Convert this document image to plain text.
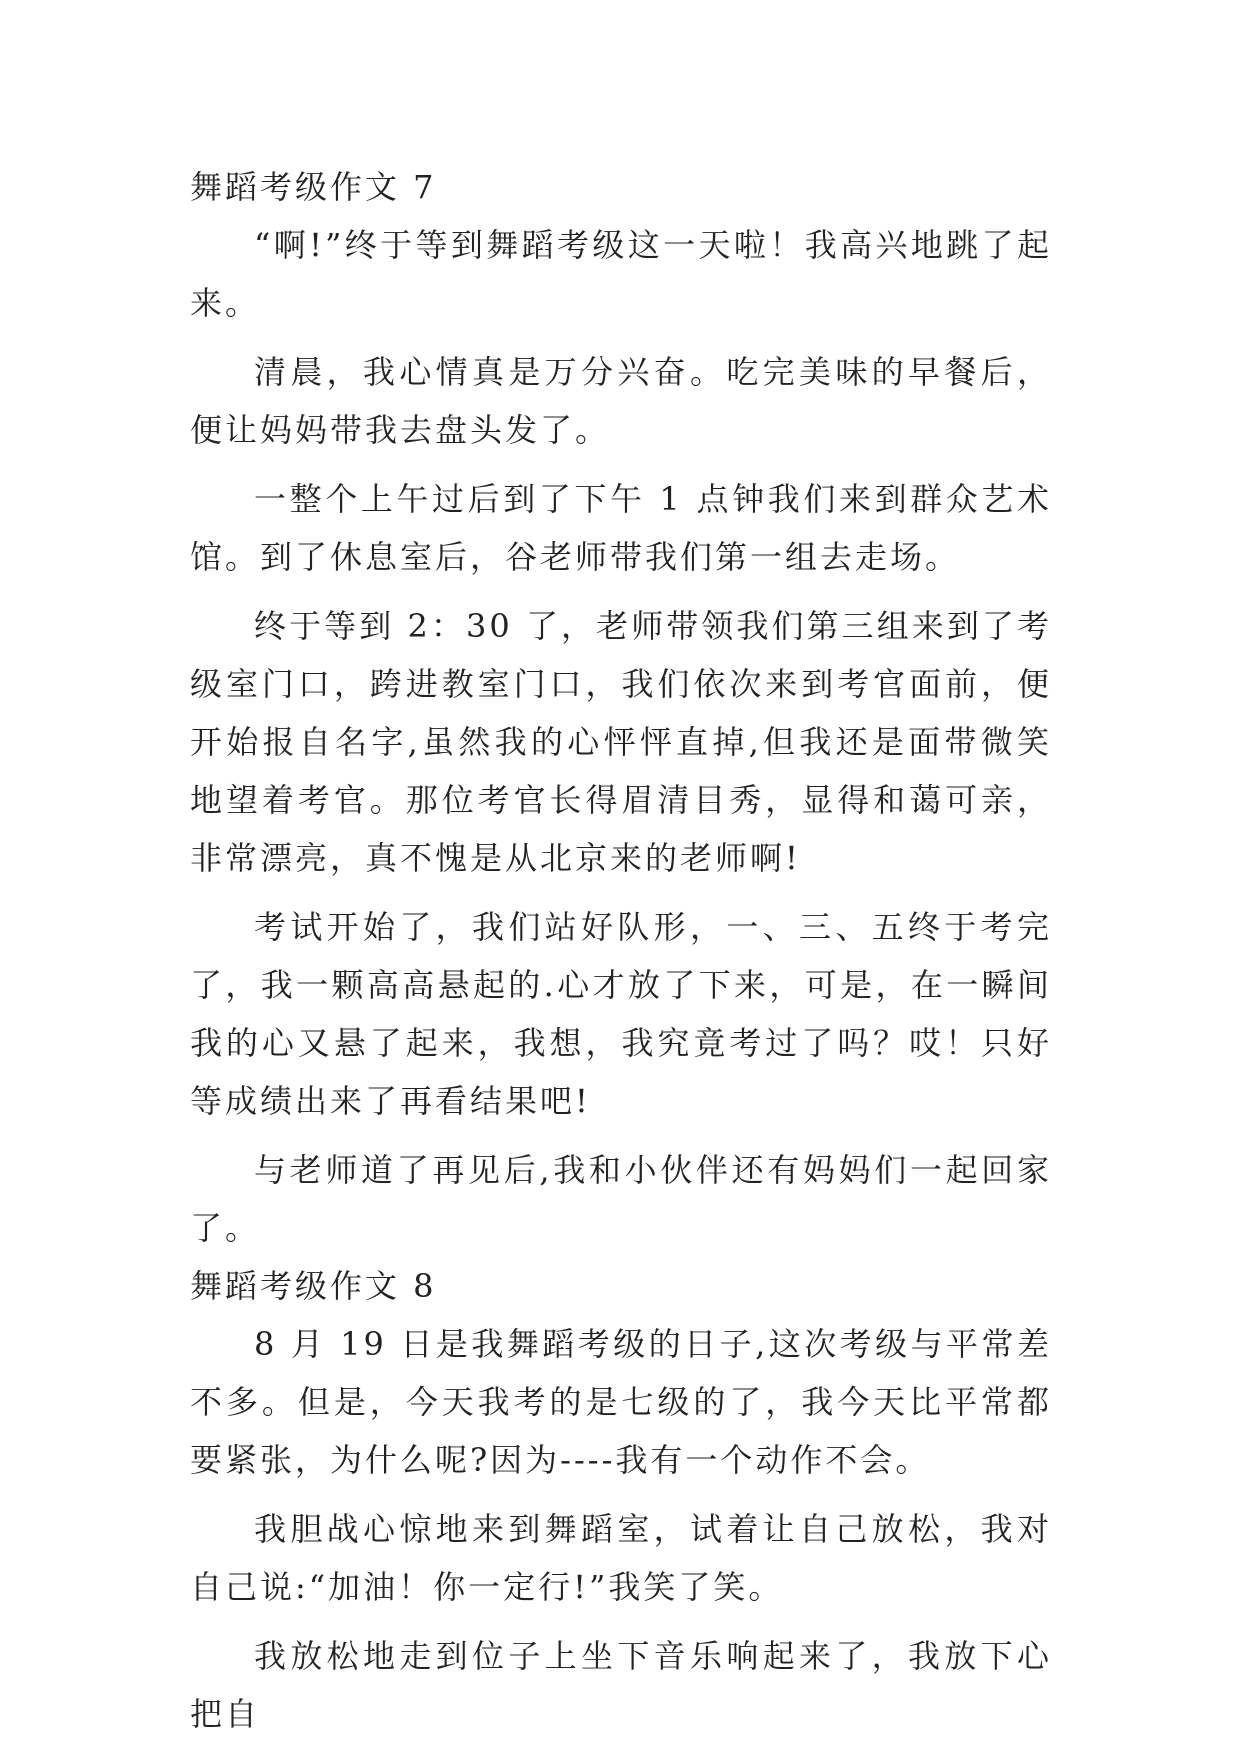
舞蹈考级作文 7

“啊!”终于等到舞蹈考级这一天啦！我高兴地跳了起来。

清晨，我心情真是万分兴奋。吃完美味的早餐后，便让妈妈带我去盘头发了。

一整个上午过后到了下午 1 点钟我们来到群众艺术馆。到了休息室后，谷老师带我们第一组去走场。

终于等到 2：30 了，老师带领我们第三组来到了考级室门口，跨进教室门口，我们依次来到考官面前，便开始报自名字,虽然我的心怦怦直掉,但我还是面带微笑地望着考官。那位考官长得眉清目秀，显得和蔼可亲，非常漂亮，真不愧是从北京来的老师啊!

考试开始了，我们站好队形，一、三、五终于考完了，我一颗高高悬起的.心才放了下来，可是，在一瞬间我的心又悬了起来，我想，我究竟考过了吗？哎！只好等成绩出来了再看结果吧!

与老师道了再见后,我和小伙伴还有妈妈们一起回家了。

舞蹈考级作文 8

8 月 19 日是我舞蹈考级的日子,这次考级与平常差不多。但是，今天我考的是七级的了，我今天比平常都要紧张，为什么呢?因为----我有一个动作不会。

我胆战心惊地来到舞蹈室，试着让自己放松，我对自己说:“加油！你一定行!”我笑了笑。

我放松地走到位子上坐下音乐响起来了，我放下心把自
